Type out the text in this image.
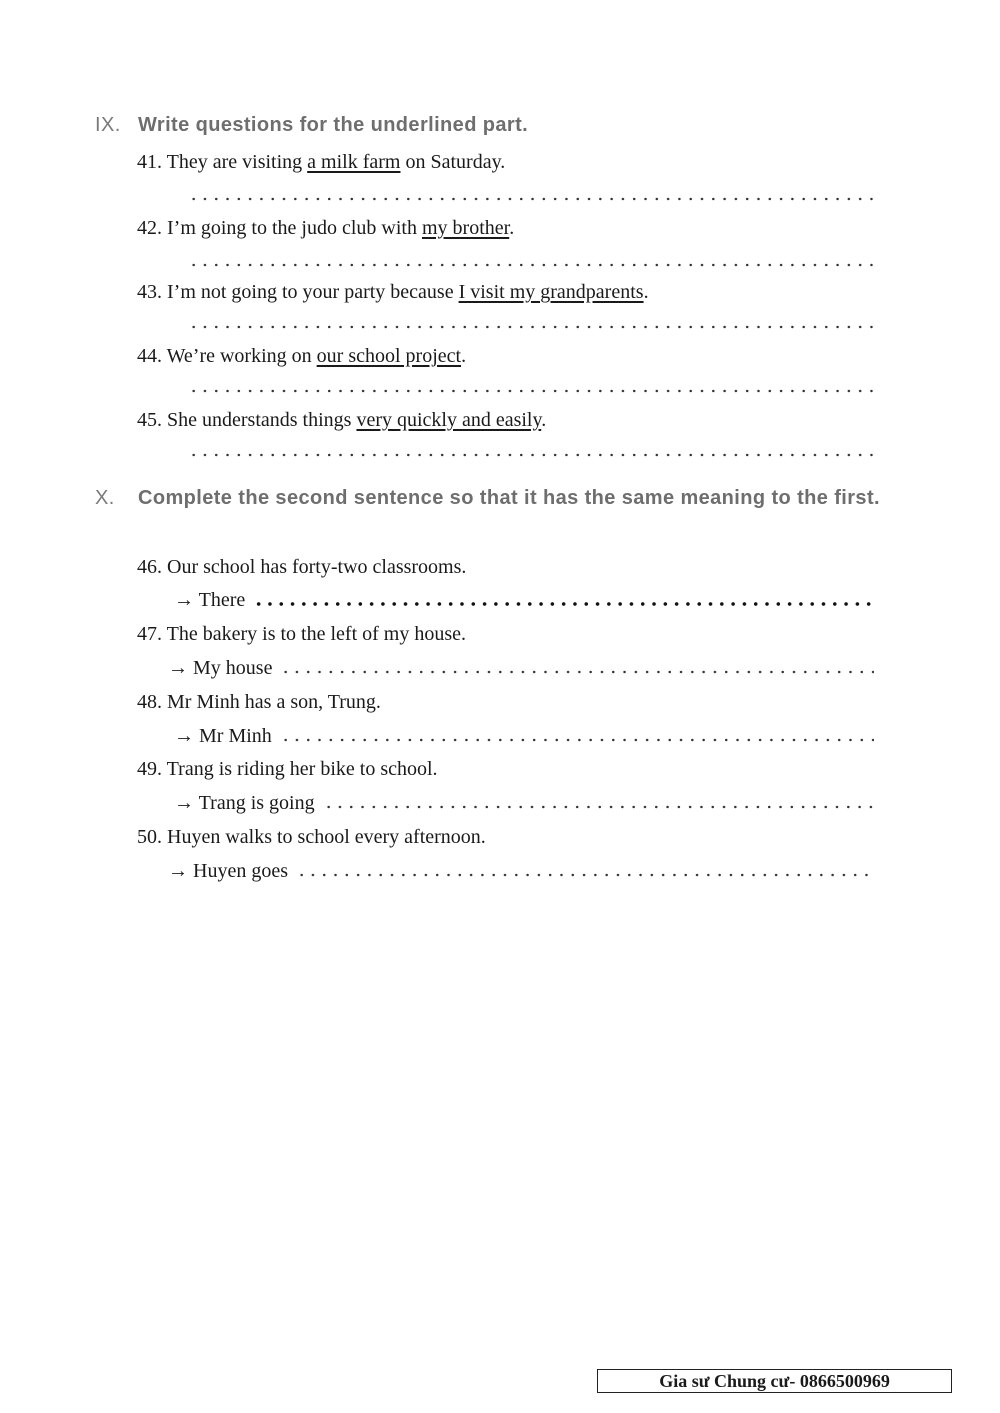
IX. Write questions for the underlined part.
41. They are visiting a milk farm on Saturday.
42. I’m going to the judo club with my brother.
43. I’m not going to your party because I visit my grandparents.
44. We’re working on our school project.
45. She understands things very quickly and easily.
X. Complete the second sentence so that it has the same meaning to the first.
46. Our school has forty-two classrooms.
→ There
47. The bakery is to the left of my house.
→ My house
48. Mr Minh has a son, Trung.
→ Mr Minh
49. Trang is riding her bike to school.
→ Trang is going
50. Huyen walks to school every afternoon.
→ Huyen goes
Gia sư Chung cư- 0866500969
